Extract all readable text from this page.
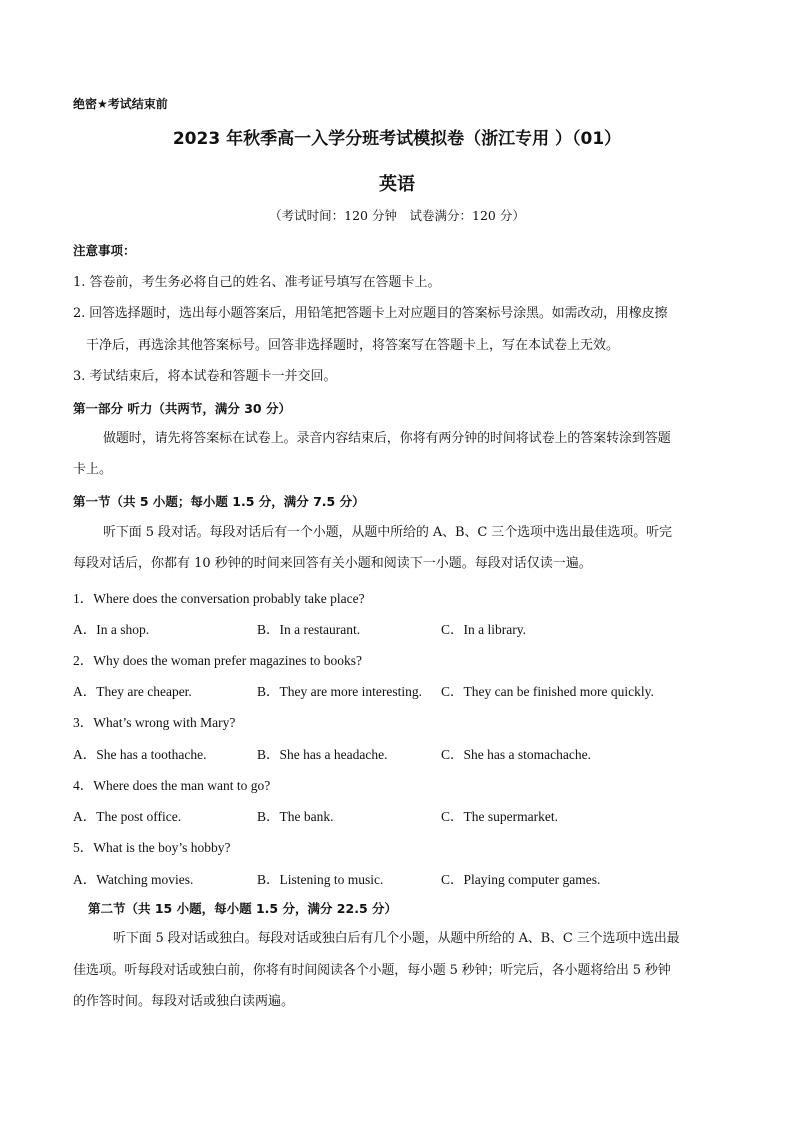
绝密★考试结束前
2023 年秋季高一入学分班考试模拟卷（浙江专用 ）（01）
英语
（考试时间：120 分钟　试卷满分：120 分）
注意事项：
1. 答卷前，考生务必将自己的姓名、准考证号填写在答题卡上。
2. 回答选择题时，选出每小题答案后，用铅笔把答题卡上对应题目的答案标号涂黑。如需改动，用橡皮擦
干净后，再选涂其他答案标号。回答非选择题时，将答案写在答题卡上，写在本试卷上无效。
3. 考试结束后，将本试卷和答题卡一并交回。
第一部分 听力（共两节，满分 30 分）
做题时，请先将答案标在试卷上。录音内容结束后，你将有两分钟的时间将试卷上的答案转涂到答题
卡上。
第一节（共 5 小题；每小题 1.5 分，满分 7.5 分）
听下面 5 段对话。每段对话后有一个小题，从题中所给的 A、B、C 三个选项中选出最佳选项。听完
每段对话后，你都有 10 秒钟的时间来回答有关小题和阅读下一小题。每段对话仅读一遍。
1．Where does the conversation probably take place?
A．In a shop.	B．In a restaurant.	C．In a library.
2．Why does the woman prefer magazines to books?
A．They are cheaper.	B．They are more interesting. C．They can be finished more quickly.
3．What’s wrong with Mary?
A．She has a toothache.	B．She has a headache.	C．She has a stomachache.
4．Where does the man want to go?
A．The post office.	B．The bank.	C．The supermarket.
5．What is the boy’s hobby?
A．Watching movies.	B．Listening to music.	C．Playing computer games.
第二节（共 15 小题，每小题 1.5 分，满分 22.5 分）
听下面 5 段对话或独白。每段对话或独白后有几个小题，从题中所给的 A、B、C 三个选项中选出最
佳选项。听每段对话或独白前，你将有时间阅读各个小题，每小题 5 秒钟；听完后，各小题将给出 5 秒钟
的作答时间。每段对话或独白读两遍。
